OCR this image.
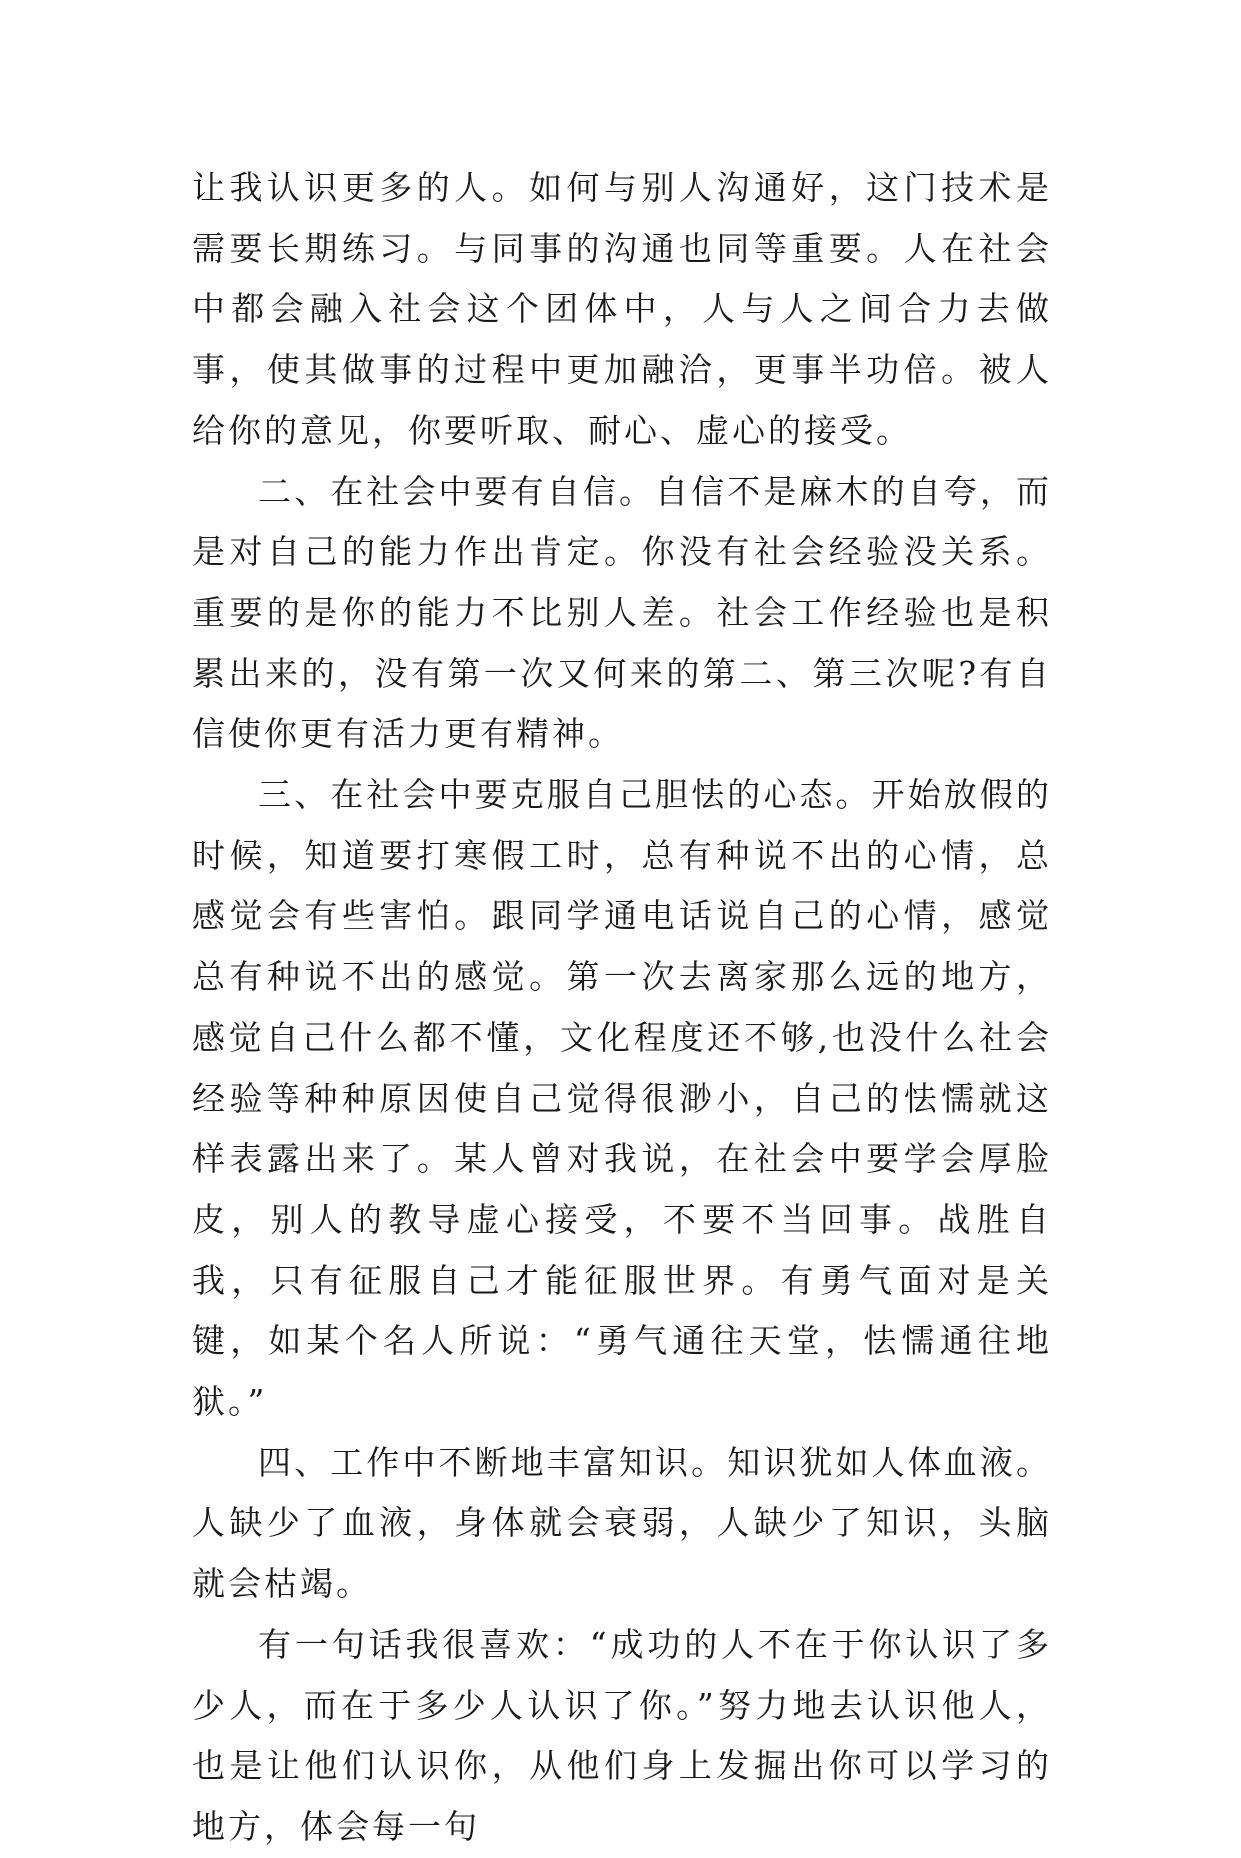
让我认识更多的人。如何与别人沟通好，这门技术是需要长期练习。与同事的沟通也同等重要。人在社会中都会融入社会这个团体中，人与人之间合力去做事，使其做事的过程中更加融洽，更事半功倍。被人给你的意见，你要听取、耐心、虚心的接受。

二、在社会中要有自信。自信不是麻木的自夸，而是对自己的能力作出肯定。你没有社会经验没关系。重要的是你的能力不比别人差。社会工作经验也是积累出来的，没有第一次又何来的第二、第三次呢?有自信使你更有活力更有精神。

三、在社会中要克服自己胆怯的心态。开始放假的时候，知道要打寒假工时，总有种说不出的心情，总感觉会有些害怕。跟同学通电话说自己的心情，感觉总有种说不出的感觉。第一次去离家那么远的地方，感觉自己什么都不懂，文化程度还不够,也没什么社会经验等种种原因使自己觉得很渺小，自己的怯懦就这样表露出来了。某人曾对我说，在社会中要学会厚脸皮，别人的教导虚心接受，不要不当回事。战胜自我，只有征服自己才能征服世界。有勇气面对是关键，如某个名人所说：“勇气通往天堂，怯懦通往地狱。”

四、工作中不断地丰富知识。知识犹如人体血液。人缺少了血液，身体就会衰弱，人缺少了知识，头脑就会枯竭。

有一句话我很喜欢：“成功的人不在于你认识了多少人，而在于多少人认识了你。”努力地去认识他人，也是让他们认识你，从他们身上发掘出你可以学习的地方，体会每一句
